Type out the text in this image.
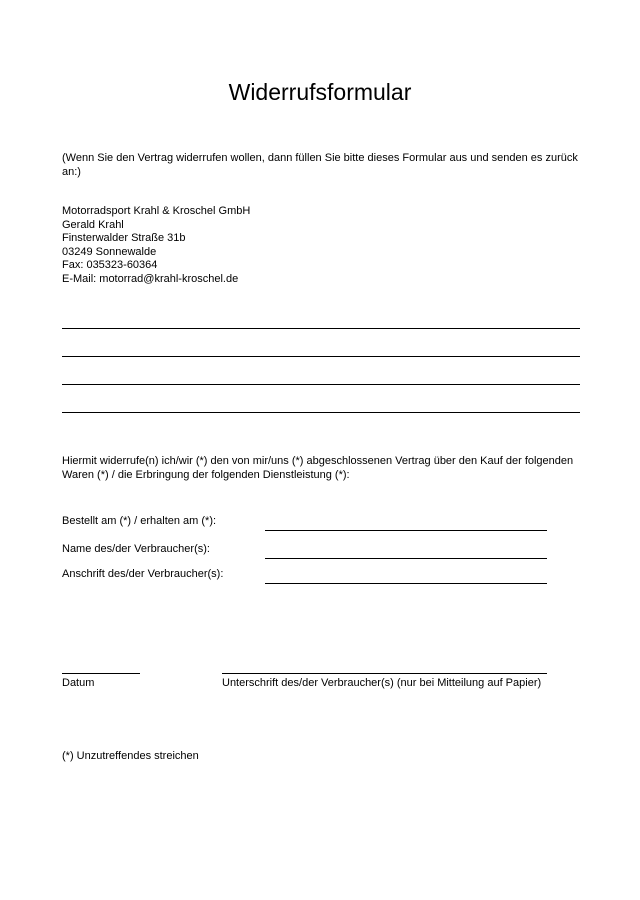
Widerrufsformular

(Wenn Sie den Vertrag widerrufen wollen, dann füllen Sie bitte dieses Formular aus und senden es zurück an:)

Motorradsport Krahl & Kroschel GmbH
Gerald Krahl
Finsterwalder Straße 31b
03249 Sonnewalde
Fax: 035323-60364
E-Mail: motorrad@krahl-kroschel.de

Hiermit widerrufe(n) ich/wir (*) den von mir/uns (*) abgeschlossenen Vertrag über den Kauf der folgenden Waren (*) / die Erbringung der folgenden Dienstleistung (*):

Bestellt am (*) / erhalten am (*):
Name des/der Verbraucher(s):
Anschrift des/der Verbraucher(s):
Datum	Unterschrift des/der Verbraucher(s) (nur bei Mitteilung auf Papier)
(*) Unzutreffendes streichen
